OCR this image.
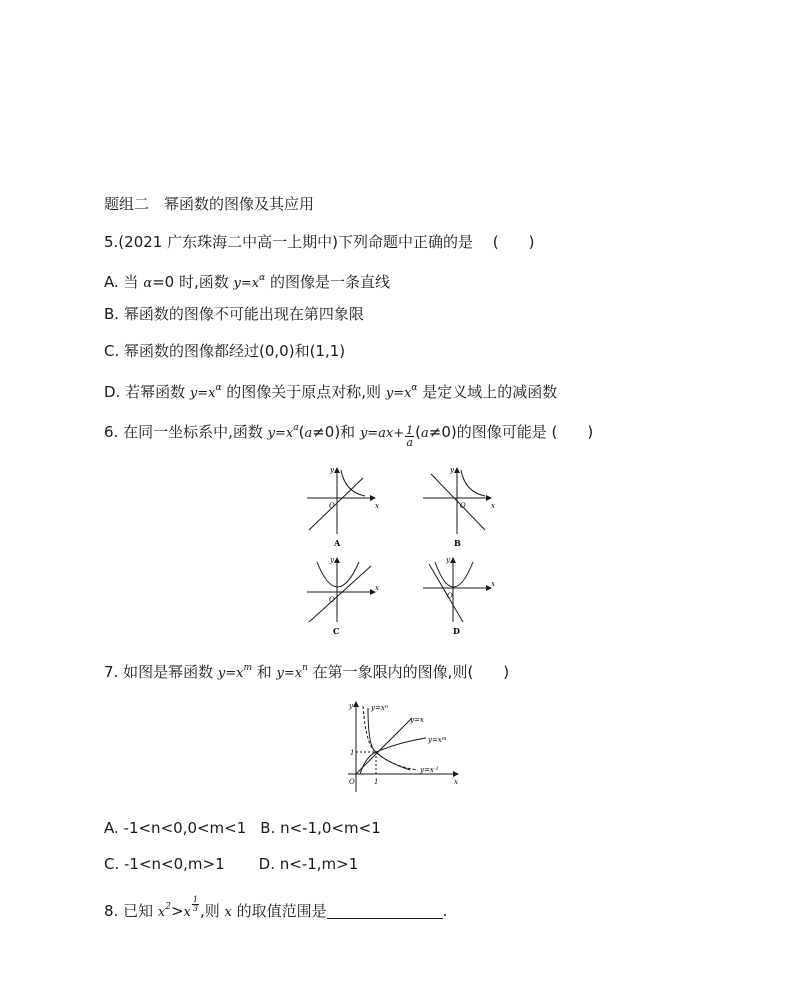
题组二　幂函数的图像及其应用
5.(2021 广东珠海二中高一上期中)下列命题中正确的是　 (　　)
A. 当 α=0 时,函数 $y=x^\alpha$ 的图像是一条直线
B. 幂函数的图像不可能出现在第四象限
C. 幂函数的图像都经过(0,0)和(1,1)
D. 若幂函数 $y=x^\alpha$ 的图像关于原点对称,则 $y=x^\alpha$ 是定义域上的减函数
6. 在同一坐标系中,函数 $y=x^a(a\ne 0)$和 $y=ax+ \frac{1}{a} (a\ne 0)$的图像可能是 (　　)
y
x
O
A
y
x
O
B
y
x
O
C
y
x
O
D
7. 如图是幂函数 $y=x^m$ 和 $y=x^n$ 在第一象限内的图像,则(　　)
y
x
O	1
1
$y=x^n$
y=x
$y=x^m$
$y=x^{-1}$
A. -1<n<0,0<m<1 B. n<-1,0<m<1
C. -1<n<0,m>1 D. n<-1,m>1
8. 已知 $x^2>x \frac{1}{3}$ ,则 x 的取值范围是	.
